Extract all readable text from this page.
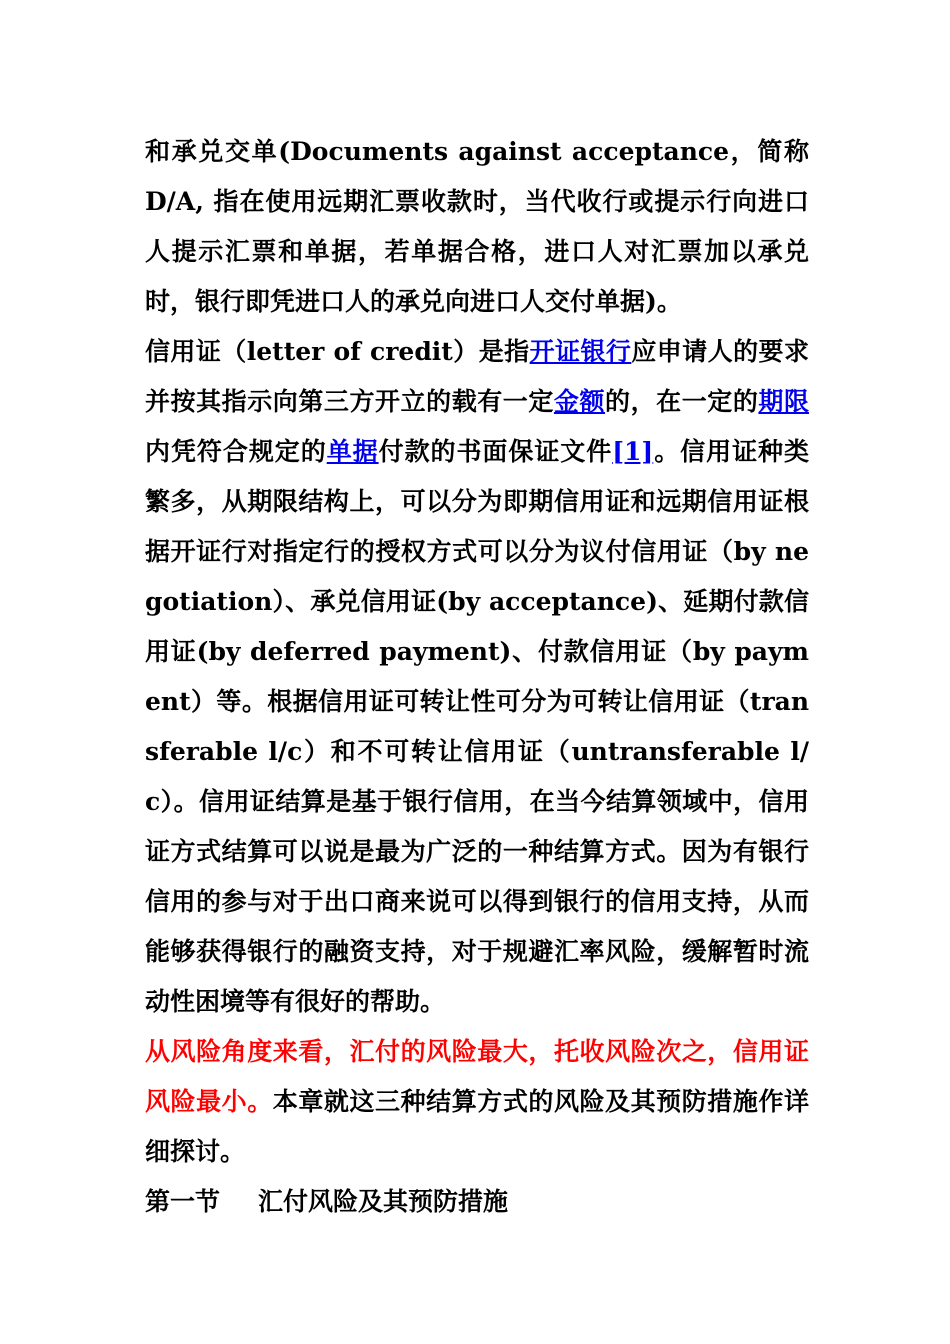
和承兑交单(Documents against acceptance，简称 D/A, 指在使用远期汇票收款时，当代收行或提示行向进口人提示汇票和单据，若单据合格，进口人对汇票加以承兑时，银行即凭进口人的承兑向进口人交付单据)。

信用证（letter of credit）是指开证银行应申请人的要求并按其指示向第三方开立的载有一定金额的，在一定的期限内凭符合规定的单据付款的书面保证文件[1]。信用证种类繁多，从期限结构上，可以分为即期信用证和远期信用证根据开证行对指定行的授权方式可以分为议付信用证（by negotiation）、承兑信用证(by acceptance)、延期付款信用证(by deferred payment)、付款信用证（by payment）等。根据信用证可转让性可分为可转让信用证（transferable l/c）和不可转让信用证（untransferable l/c）。信用证结算是基于银行信用，在当今结算领域中，信用证方式结算可以说是最为广泛的一种结算方式。因为有银行信用的参与对于出口商来说可以得到银行的信用支持，从而能够获得银行的融资支持，对于规避汇率风险，缓解暂时流动性困境等有很好的帮助。

从风险角度来看，汇付的风险最大，托收风险次之，信用证风险最小。本章就这三种结算方式的风险及其预防措施作详细探讨。

第一节 汇付风险及其预防措施
